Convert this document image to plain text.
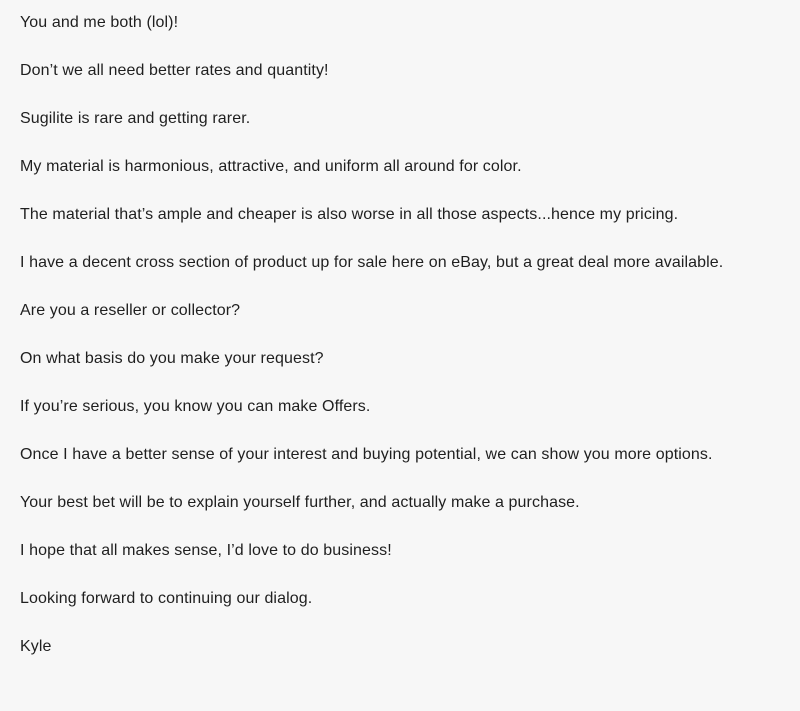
You and me both (lol)!

Don’t we all need better rates and quantity!

Sugilite is rare and getting rarer.

My material is harmonious, attractive, and uniform all around for color.

The material that’s ample and cheaper is also worse in all those aspects...hence my pricing.

I have a decent cross section of product up for sale here on eBay, but a great deal more available.

Are you a reseller or collector?

On what basis do you make your request?

If you’re serious, you know you can make Offers.

Once I have a better sense of your interest and buying potential, we can show you more options.

Your best bet will be to explain yourself further, and actually make a purchase.

I hope that all makes sense, I’d love to do business!

Looking forward to continuing our dialog.

Kyle
